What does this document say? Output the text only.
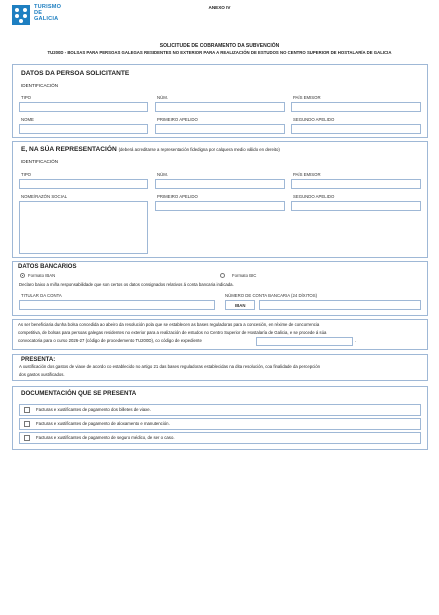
TURISMO
DE
GALICIA
ANEXO IV
SOLICITUDE DE COBRAMENTO DA SUBVENCIÓN
TU200D - BOLSAS PARA PERSOAS GALEGAS RESIDENTES NO EXTERIOR PARA A REALIZACIÓN DE ESTUDOS NO CENTRO SUPERIOR DE HOSTALARÍA DE GALICIA
DATOS DA PERSOA SOLICITANTE
IDENTIFICACIÓN
TIPO	NÚM.	PAÍS EMISOR
NOME	PRIMEIRO APELIDO	SEGUNDO APELIDO
E, NA SÚA REPRESENTACIÓN (deberá acreditarse a representación fidedigna por calquera medio válido en dereito)
IDENTIFICACIÓN
TIPO	NÚM.	PAÍS EMISOR
NOME/RAZÓN SOCIAL	PRIMEIRO APELIDO	SEGUNDO APELIDO
DATOS BANCARIOS
Formato IBAN	Formato BIC
Declaro baixo a miña responsabilidade que son certos os datos consignados relativos á conta bancaria indicada.
TITULAR DA CONTA	NÚMERO DE CONTA BANCARIA (24 DÍXITOS)
IBAN
As ser beneficiaria dunha bolsa concedida ao abeiro da resolución pola que se establecen as bases reguladoras para a concesión, en réxime de concorrencia
competitiva, de bolsas para persoas galegas residentes no exterior para a realización de estudos no Centro Superior de Hostalaría de Galicia, e se procede á súa
convocatoria para o curso 2026-27 (código de procedemento TU200D), co código de expediente	.
PRESENTA:
A xustificación dos gastos de viaxe de acordo co establecido no artigo 21 das bases reguladoras establecidas na dita resolución, coa finalidade da percepción
dos gastos xustificados.
DOCUMENTACIÓN QUE SE PRESENTA
Facturas e xustificantes de pagamento dos billetes de viaxe.
Facturas e xustificantes de pagamento de aloxamento e manutención.
Facturas e xustificantes de pagamento de seguro médico, de ser o caso.
